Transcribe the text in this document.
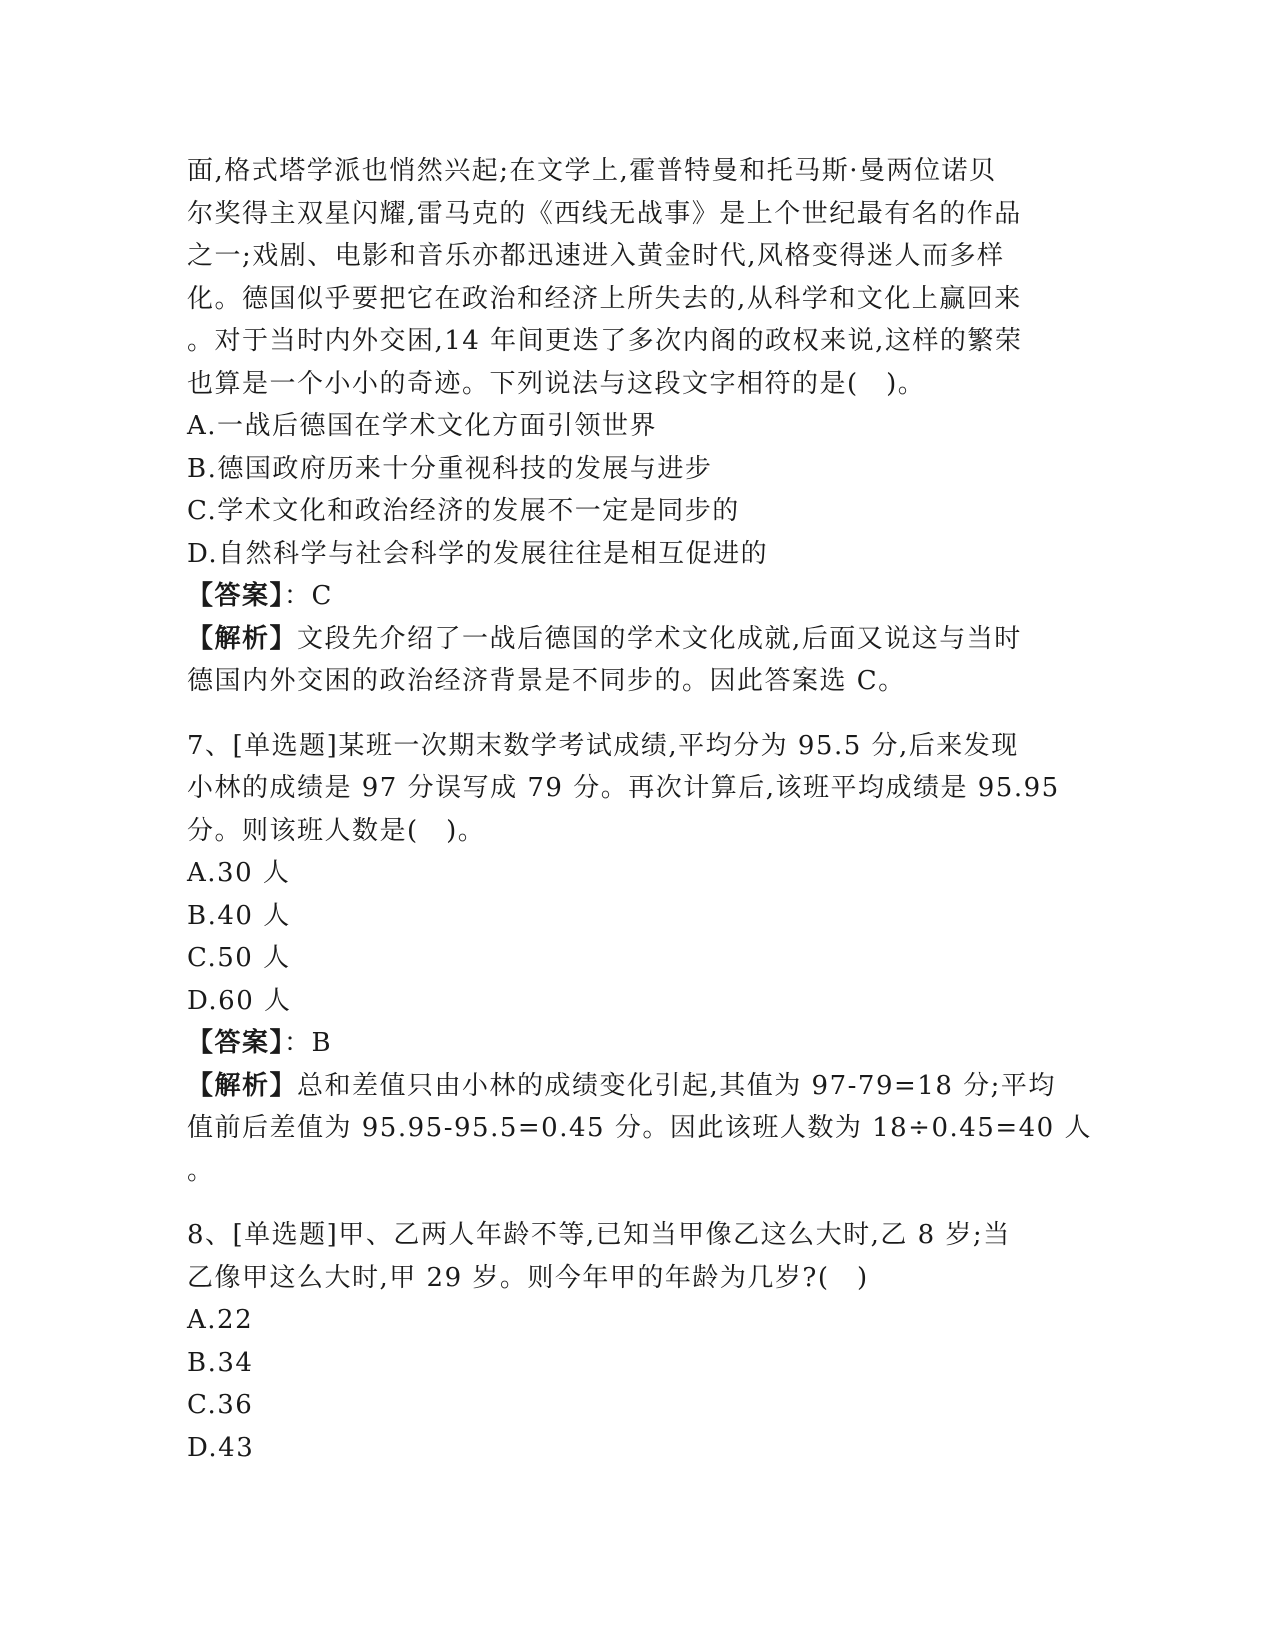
面,格式塔学派也悄然兴起;在文学上,霍普特曼和托马斯·曼两位诺贝
尔奖得主双星闪耀,雷马克的《西线无战事》是上个世纪最有名的作品
之一;戏剧、电影和音乐亦都迅速进入黄金时代,风格变得迷人而多样
化。德国似乎要把它在政治和经济上所失去的,从科学和文化上赢回来
。对于当时内外交困,14 年间更迭了多次内阁的政权来说,这样的繁荣
也算是一个小小的奇迹。下列说法与这段文字相符的是(　)。
A.一战后德国在学术文化方面引领世界
B.德国政府历来十分重视科技的发展与进步
C.学术文化和政治经济的发展不一定是同步的
D.自然科学与社会科学的发展往往是相互促进的
【答案】：C
【解析】文段先介绍了一战后德国的学术文化成就,后面又说这与当时
德国内外交困的政治经济背景是不同步的。因此答案选 C。
7、[单选题]某班一次期末数学考试成绩,平均分为 95.5 分,后来发现
小林的成绩是 97 分误写成 79 分。再次计算后,该班平均成绩是 95.95
分。则该班人数是(　)。
A.30 人
B.40 人
C.50 人
D.60 人
【答案】：B
【解析】总和差值只由小林的成绩变化引起,其值为 97-79=18 分;平均
值前后差值为 95.95-95.5=0.45 分。因此该班人数为 18÷0.45=40 人
。
8、[单选题]甲、乙两人年龄不等,已知当甲像乙这么大时,乙 8 岁;当
乙像甲这么大时,甲 29 岁。则今年甲的年龄为几岁?(　)
A.22
B.34
C.36
D.43
